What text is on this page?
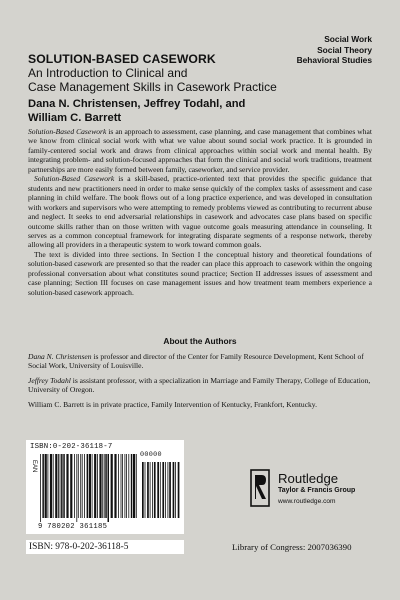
Social Work
Social Theory
Behavioral Studies
SOLUTION-BASED CASEWORK
An Introduction to Clinical and
Case Management Skills in Casework Practice
Dana N. Christensen, Jeffrey Todahl, and
William C. Barrett

Solution-Based Casework is an approach to assessment, case planning, and case management that combines what we know from clinical social work with what we value about sound social work practice. It is grounded in family-centered social work and draws from clinical approaches within social work and mental health. By integrating problem- and solution-focused approaches that form the clinical and social work traditions, treatment partnerships are more easily formed between family, caseworker, and service provider.

Solution-Based Casework is a skill-based, practice-oriented text that provides the specific guidance that students and new practitioners need in order to make sense quickly of the complex tasks of assessment and case planning in child welfare. The book flows out of a long practice experience, and was developed in consultation with workers and supervisors who were attempting to remedy problems viewed as contributing to recurrent abuse and neglect. It seeks to end adversarial relationships in casework and advocates case plans based on specific outcome skills rather than on those written with vague outcome goals measuring attendance in counseling. It serves as a common conceptual framework for integrating disparate segments of a response network, thereby allowing all providers in a therapeutic system to work toward common goals.

The text is divided into three sections. In Section I the conceptual history and theoretical foundations of solution-based casework are presented so that the reader can place this approach to casework within the ongoing professional conversation about what constitutes sound practice; Section II addresses issues of assessment and case planning; Section III focuses on case management issues and how treatment team members experience a solution-based casework approach.

About the Authors

Dana N. Christensen is professor and director of the Center for Family Resource Development, Kent School of Social Work, University of Louisville.

Jeffrey Todahl is assistant professor, with a specialization in Marriage and Family Therapy, College of Education, University of Oregon.

William C. Barrett is in private practice, Family Intervention of Kentucky, Frankfort, Kentucky.

ISBN:0-202-36118-7
EAN
00000
9 780202 361185
ISBN: 978-0-202-36118-5
Routledge
Taylor & Francis Group
www.routledge.com
Library of Congress: 2007036390
